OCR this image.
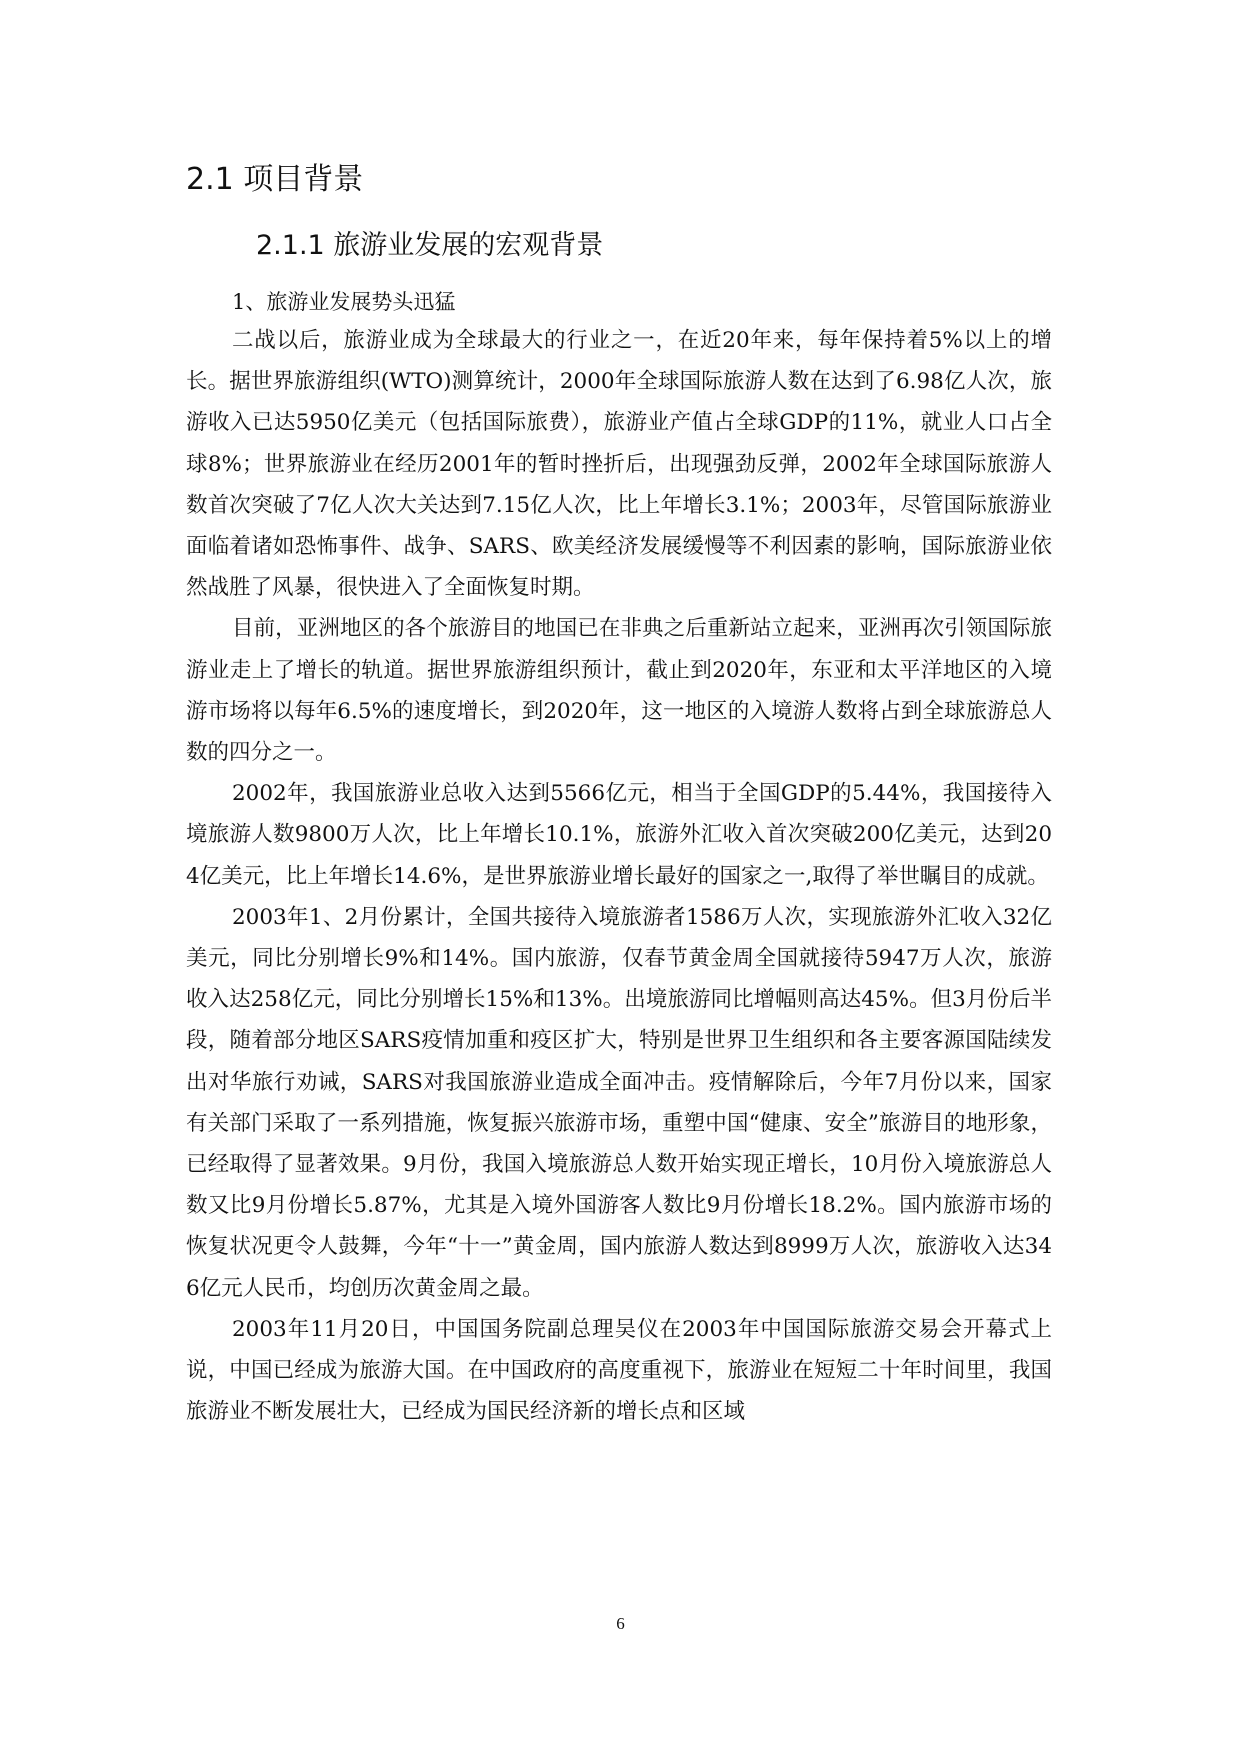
2.1 项目背景
2.1.1 旅游业发展的宏观背景
1、旅游业发展势头迅猛

二战以后，旅游业成为全球最大的行业之一，在近20年来，每年保持着5%以上的增长。据世界旅游组织(WTO)测算统计，2000年全球国际旅游人数在达到了6.98亿人次，旅游收入已达5950亿美元（包括国际旅费），旅游业产值占全球GDP的11%，就业人口占全球8%；世界旅游业在经历2001年的暂时挫折后，出现强劲反弹，2002年全球国际旅游人数首次突破了7亿人次大关达到7.15亿人次，比上年增长3.1%；2003年，尽管国际旅游业面临着诸如恐怖事件、战争、SARS、欧美经济发展缓慢等不利因素的影响，国际旅游业依然战胜了风暴，很快进入了全面恢复时期。

目前，亚洲地区的各个旅游目的地国已在非典之后重新站立起来，亚洲再次引领国际旅游业走上了增长的轨道。据世界旅游组织预计，截止到2020年，东亚和太平洋地区的入境游市场将以每年6.5%的速度增长，到2020年，这一地区的入境游人数将占到全球旅游总人数的四分之一。

2002年，我国旅游业总收入达到5566亿元，相当于全国GDP的5.44%，我国接待入境旅游人数9800万人次，比上年增长10.1%，旅游外汇收入首次突破200亿美元，达到204亿美元，比上年增长14.6%，是世界旅游业增长最好的国家之一,取得了举世瞩目的成就。

2003年1、2月份累计，全国共接待入境旅游者1586万人次，实现旅游外汇收入32亿美元，同比分别增长9%和14%。国内旅游，仅春节黄金周全国就接待5947万人次，旅游收入达258亿元，同比分别增长15%和13%。出境旅游同比增幅则高达45%。但3月份后半段，随着部分地区SARS疫情加重和疫区扩大，特别是世界卫生组织和各主要客源国陆续发出对华旅行劝诫，SARS对我国旅游业造成全面冲击。疫情解除后，今年7月份以来，国家有关部门采取了一系列措施，恢复振兴旅游市场，重塑中国“健康、安全”旅游目的地形象，已经取得了显著效果。9月份，我国入境旅游总人数开始实现正增长，10月份入境旅游总人数又比9月份增长5.87%，尤其是入境外国游客人数比9月份增长18.2%。国内旅游市场的恢复状况更令人鼓舞，今年“十一”黄金周，国内旅游人数达到8999万人次，旅游收入达346亿元人民币，均创历次黄金周之最。

2003年11月20日，中国国务院副总理吴仪在2003年中国国际旅游交易会开幕式上说，中国已经成为旅游大国。在中国政府的高度重视下，旅游业在短短二十年时间里，我国旅游业不断发展壮大，已经成为国民经济新的增长点和区域

6
